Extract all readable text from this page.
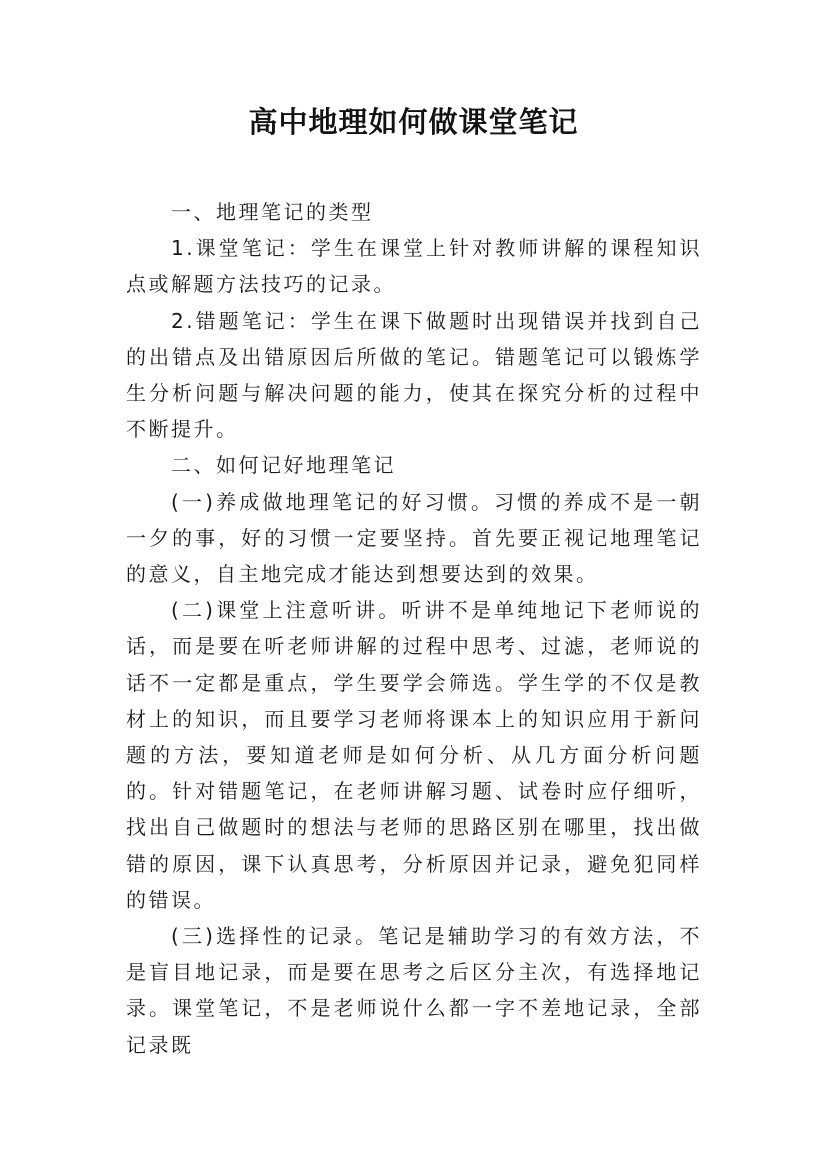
高中地理如何做课堂笔记

一、地理笔记的类型

1.课堂笔记：学生在课堂上针对教师讲解的课程知识点或解题方法技巧的记录。

2.错题笔记：学生在课下做题时出现错误并找到自己的出错点及出错原因后所做的笔记。错题笔记可以锻炼学生分析问题与解决问题的能力，使其在探究分析的过程中不断提升。

二、如何记好地理笔记

(一)养成做地理笔记的好习惯。习惯的养成不是一朝一夕的事，好的习惯一定要坚持。首先要正视记地理笔记的意义，自主地完成才能达到想要达到的效果。

(二)课堂上注意听讲。听讲不是单纯地记下老师说的话，而是要在听老师讲解的过程中思考、过滤，老师说的话不一定都是重点，学生要学会筛选。学生学的不仅是教材上的知识，而且要学习老师将课本上的知识应用于新问题的方法，要知道老师是如何分析、从几方面分析问题的。针对错题笔记，在老师讲解习题、试卷时应仔细听，找出自己做题时的想法与老师的思路区别在哪里，找出做错的原因，课下认真思考，分析原因并记录，避免犯同样的错误。

(三)选择性的记录。笔记是辅助学习的有效方法，不是盲目地记录，而是要在思考之后区分主次，有选择地记录。课堂笔记，不是老师说什么都一字不差地记录，全部记录既
